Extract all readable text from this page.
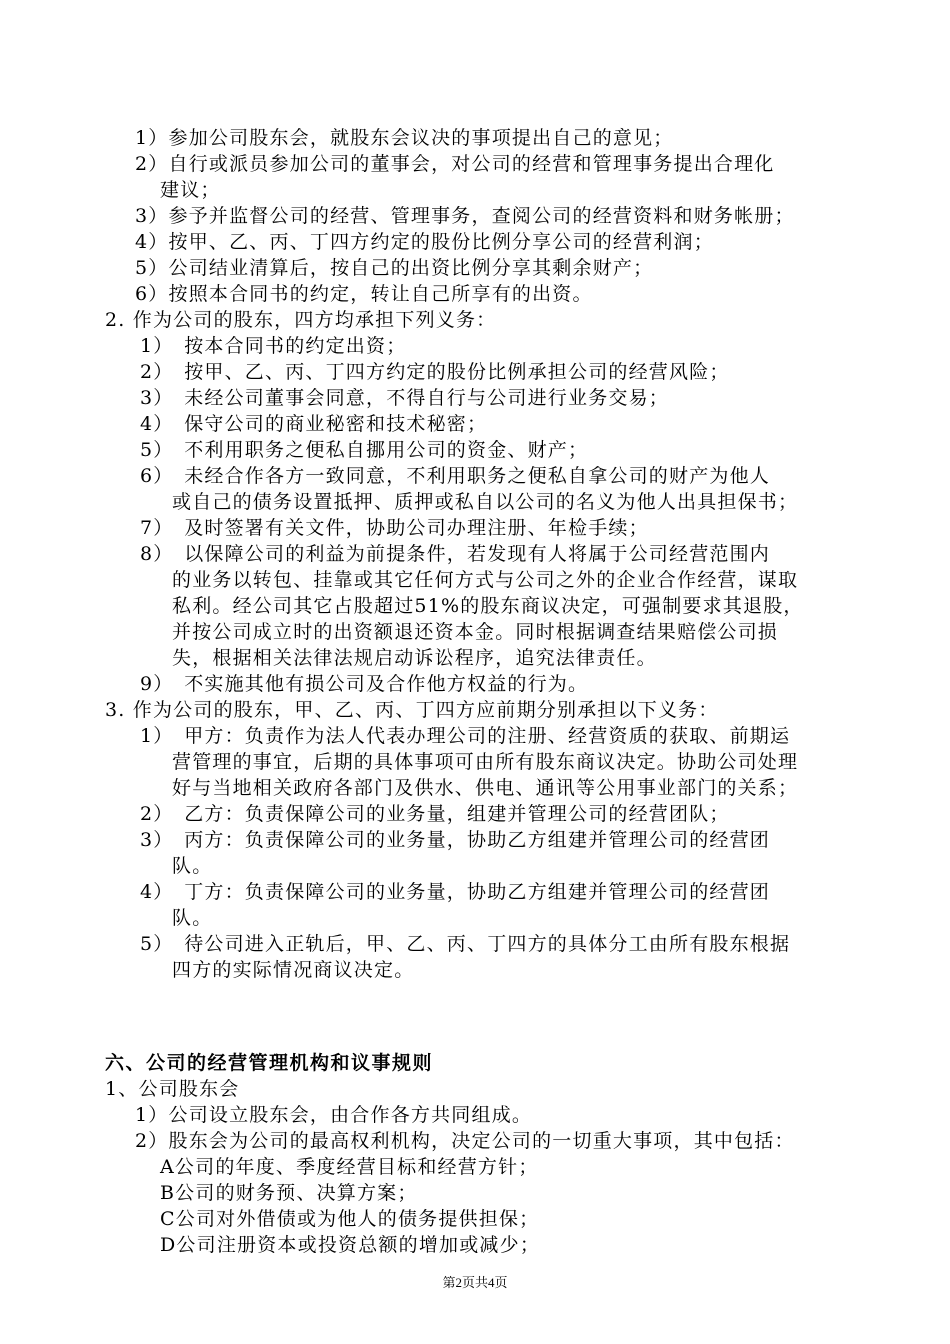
1）参加公司股东会，就股东会议决的事项提出自己的意见；
2）自行或派员参加公司的董事会，对公司的经营和管理事务提出合理化
建议；
3）参予并监督公司的经营、管理事务，查阅公司的经营资料和财务帐册；
4）按甲、乙、丙、丁四方约定的股份比例分享公司的经营利润；
5）公司结业清算后，按自己的出资比例分享其剩余财产；
6）按照本合同书的约定，转让自己所享有的出资。
2. 作为公司的股东，四方均承担下列义务：
1）　按本合同书的约定出资；
2）　按甲、乙、丙、丁四方约定的股份比例承担公司的经营风险；
3）　未经公司董事会同意，不得自行与公司进行业务交易；
4）　保守公司的商业秘密和技术秘密；
5）　不利用职务之便私自挪用公司的资金、财产；
6）　未经合作各方一致同意，不利用职务之便私自拿公司的财产为他人
或自己的债务设置抵押、质押或私自以公司的名义为他人出具担保书；
7）　及时签署有关文件，协助公司办理注册、年检手续；
8）　以保障公司的利益为前提条件，若发现有人将属于公司经营范围内
的业务以转包、挂靠或其它任何方式与公司之外的企业合作经营，谋取
私利。经公司其它占股超过51%的股东商议决定，可强制要求其退股，
并按公司成立时的出资额退还资本金。同时根据调查结果赔偿公司损
失，根据相关法律法规启动诉讼程序，追究法律责任。
9）　不实施其他有损公司及合作他方权益的行为。
3. 作为公司的股东，甲、乙、丙、丁四方应前期分别承担以下义务：
1）　甲方：负责作为法人代表办理公司的注册、经营资质的获取、前期运
营管理的事宜，后期的具体事项可由所有股东商议决定。协助公司处理
好与当地相关政府各部门及供水、供电、通讯等公用事业部门的关系；
2）　乙方：负责保障公司的业务量，组建并管理公司的经营团队；
3）　丙方：负责保障公司的业务量，协助乙方组建并管理公司的经营团
队。
4）　丁方：负责保障公司的业务量，协助乙方组建并管理公司的经营团
队。
5）　待公司进入正轨后，甲、乙、丙、丁四方的具体分工由所有股东根据
四方的实际情况商议决定。
六、公司的经营管理机构和议事规则
1、公司股东会
1）公司设立股东会，由合作各方共同组成。
2）股东会为公司的最高权利机构，决定公司的一切重大事项，其中包括：
A公司的年度、季度经营目标和经营方针；
B公司的财务预、决算方案；
C公司对外借债或为他人的债务提供担保；
D公司注册资本或投资总额的增加或减少；
第2页共4页
